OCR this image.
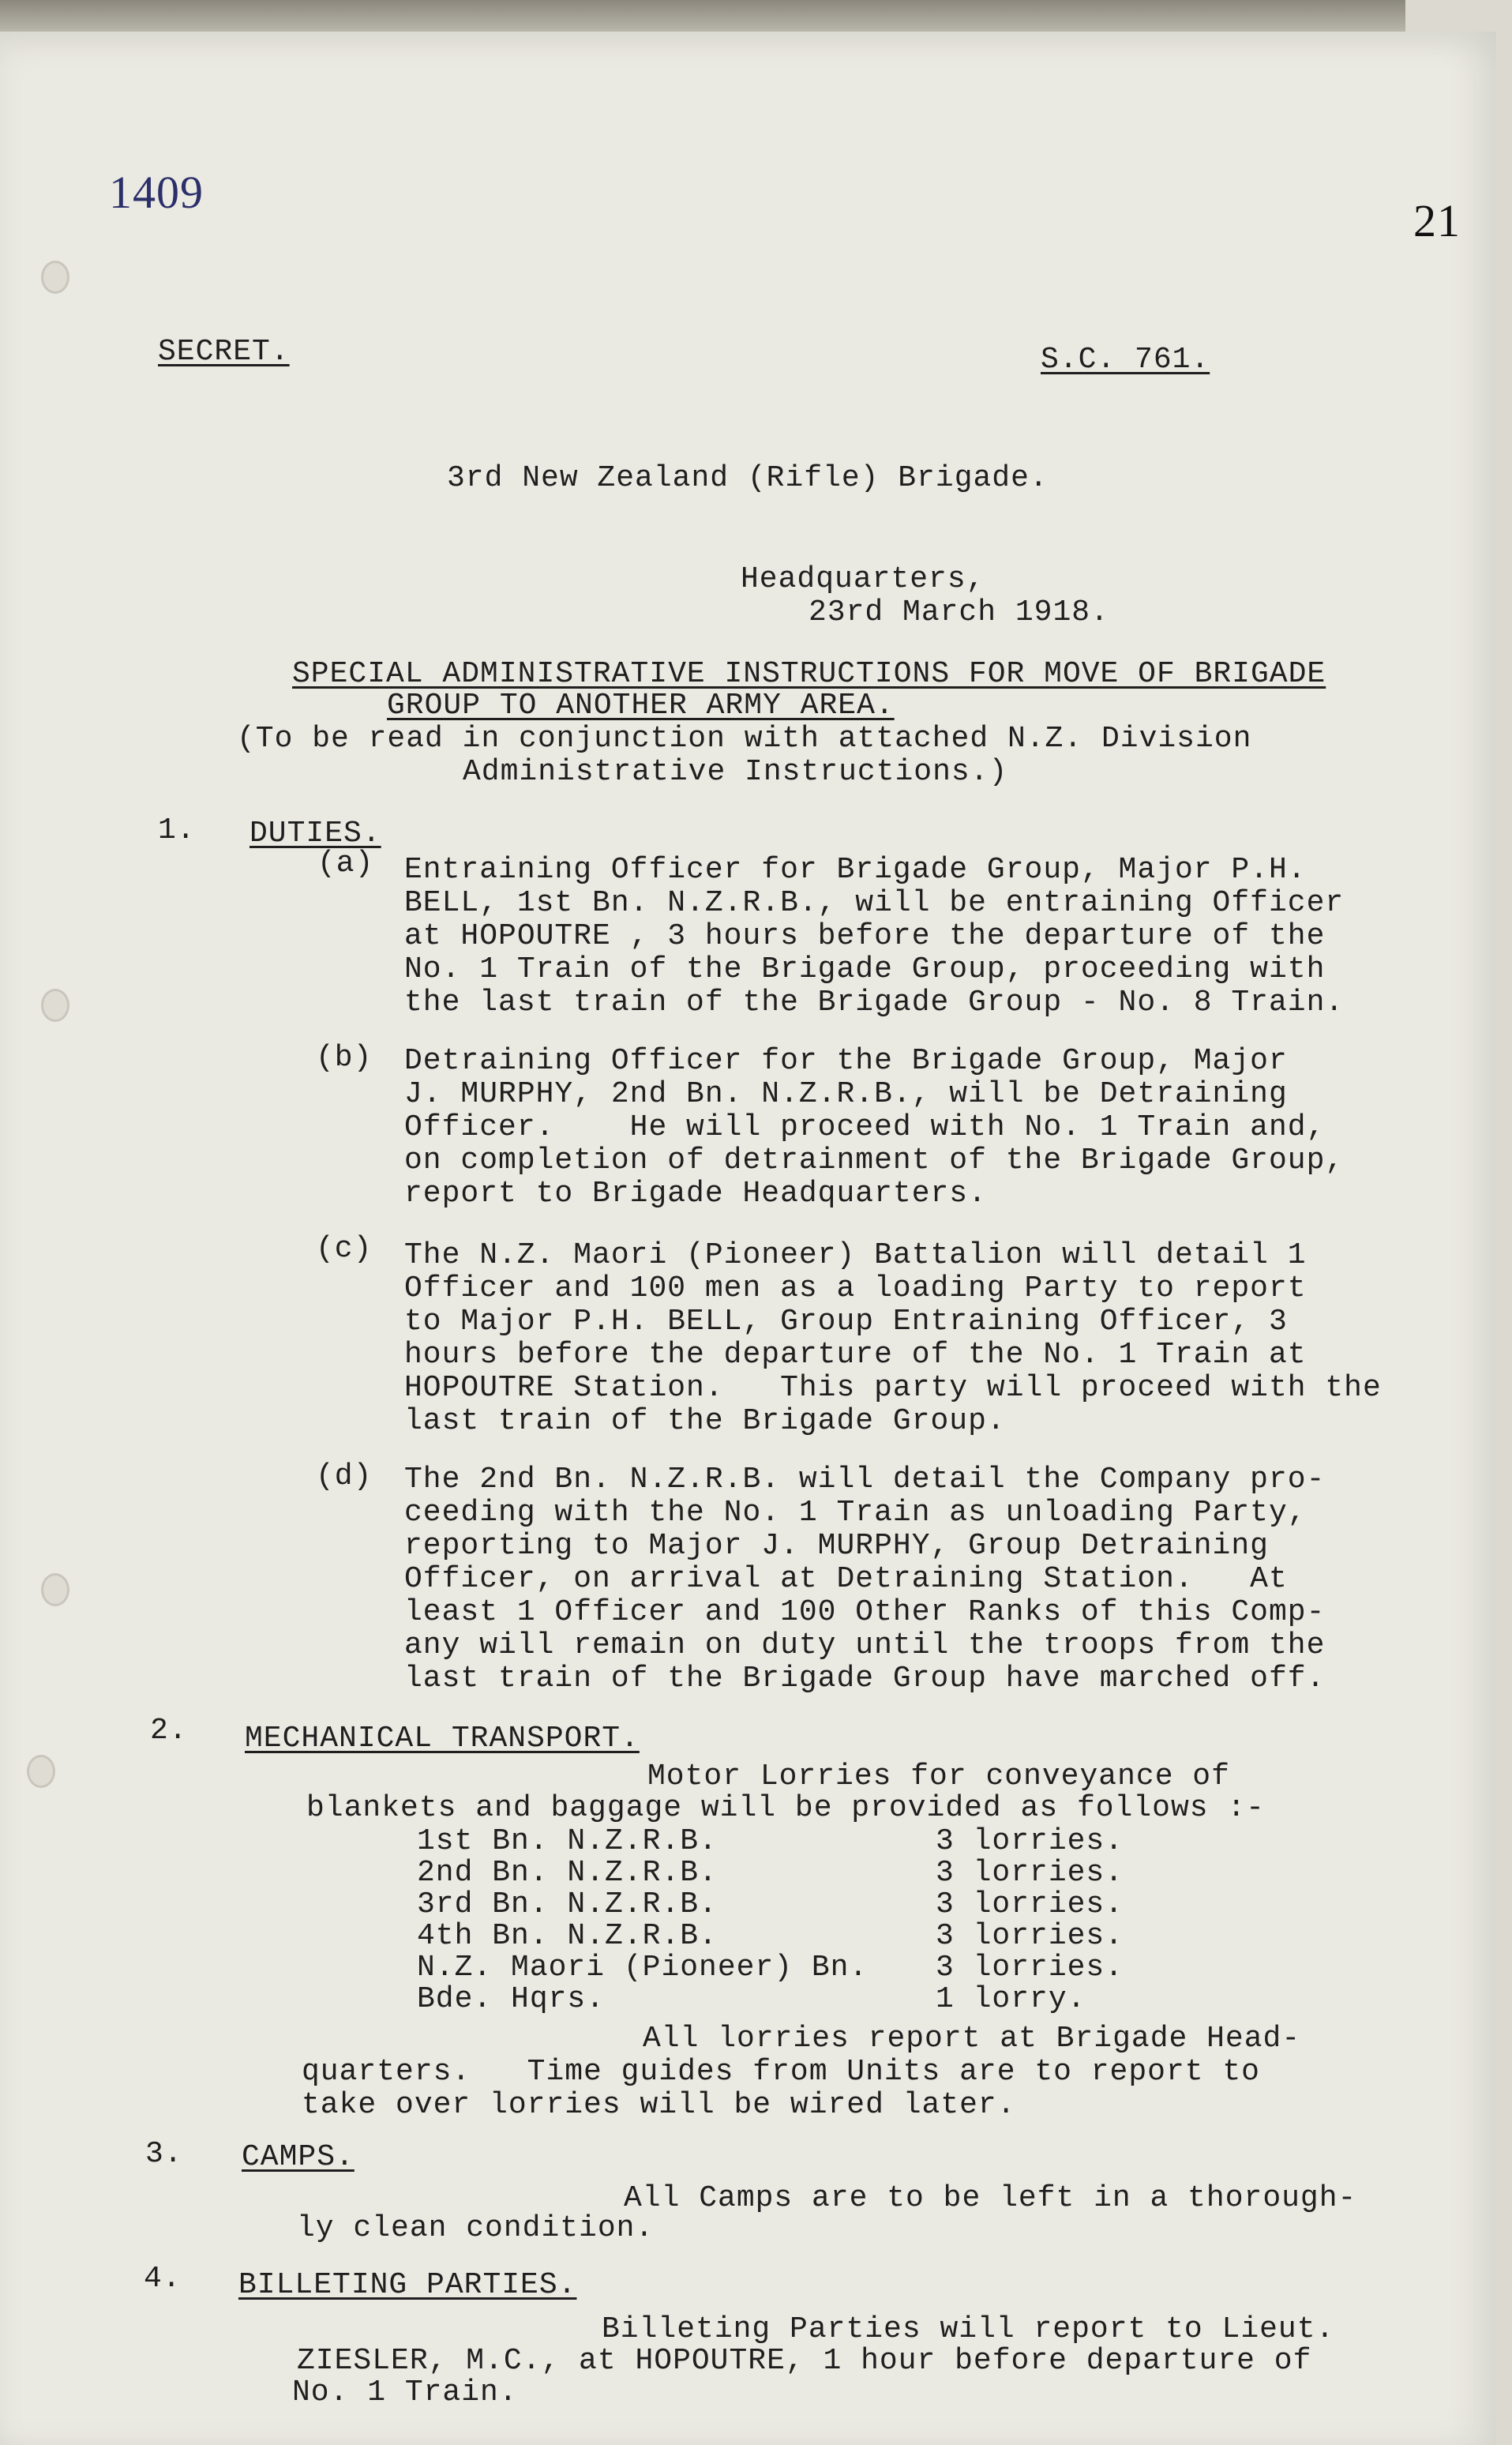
1409
21
SECRET.	S.C. 761.
3rd New Zealand (Rifle) Brigade.
Headquarters,
23rd March 1918.
SPECIAL ADMINISTRATIVE INSTRUCTIONS FOR MOVE OF BRIGADE
GROUP TO ANOTHER ARMY AREA.
(To be read in conjunction with attached N.Z. Division
Administrative Instructions.)
1. DUTIES.
(a) Entraining Officer for Brigade Group, Major P.H.
BELL, 1st Bn. N.Z.R.B., will be entraining Officer
at HOPOUTRE , 3 hours before the departure of the
No. 1 Train of the Brigade Group, proceeding with
the last train of the Brigade Group - No. 8 Train.
(b) Detraining Officer for the Brigade Group, Major
J. MURPHY, 2nd Bn. N.Z.R.B., will be Detraining
Officer.    He will proceed with No. 1 Train and,
on completion of detrainment of the Brigade Group,
report to Brigade Headquarters.
(c) The N.Z. Maori (Pioneer) Battalion will detail 1
Officer and 100 men as a loading Party to report
to Major P.H. BELL, Group Entraining Officer, 3
hours before the departure of the No. 1 Train at
HOPOUTRE Station.   This party will proceed with the
last train of the Brigade Group.
(d) The 2nd Bn. N.Z.R.B. will detail the Company pro-
ceeding with the No. 1 Train as unloading Party,
reporting to Major J. MURPHY, Group Detraining
Officer, on arrival at Detraining Station.   At
least 1 Officer and 100 Other Ranks of this Comp-
any will remain on duty until the troops from the
last train of the Brigade Group have marched off.
2. MECHANICAL TRANSPORT.
Motor Lorries for conveyance of
blankets and baggage will be provided as follows :-
1st Bn. N.Z.R.B.	3 lorries.
2nd Bn. N.Z.R.B.	3 lorries.
3rd Bn. N.Z.R.B.	3 lorries.
4th Bn. N.Z.R.B.	3 lorries.
N.Z. Maori (Pioneer) Bn. 3 lorries.
Bde. Hqrs.	1 lorry.
All lorries report at Brigade Head-
quarters.   Time guides from Units are to report to
take over lorries will be wired later.
3. CAMPS.
All Camps are to be left in a thorough-
ly clean condition.
4. BILLETING PARTIES.
Billeting Parties will report to Lieut.
ZIESLER, M.C., at HOPOUTRE, 1 hour before departure of
No. 1 Train.
